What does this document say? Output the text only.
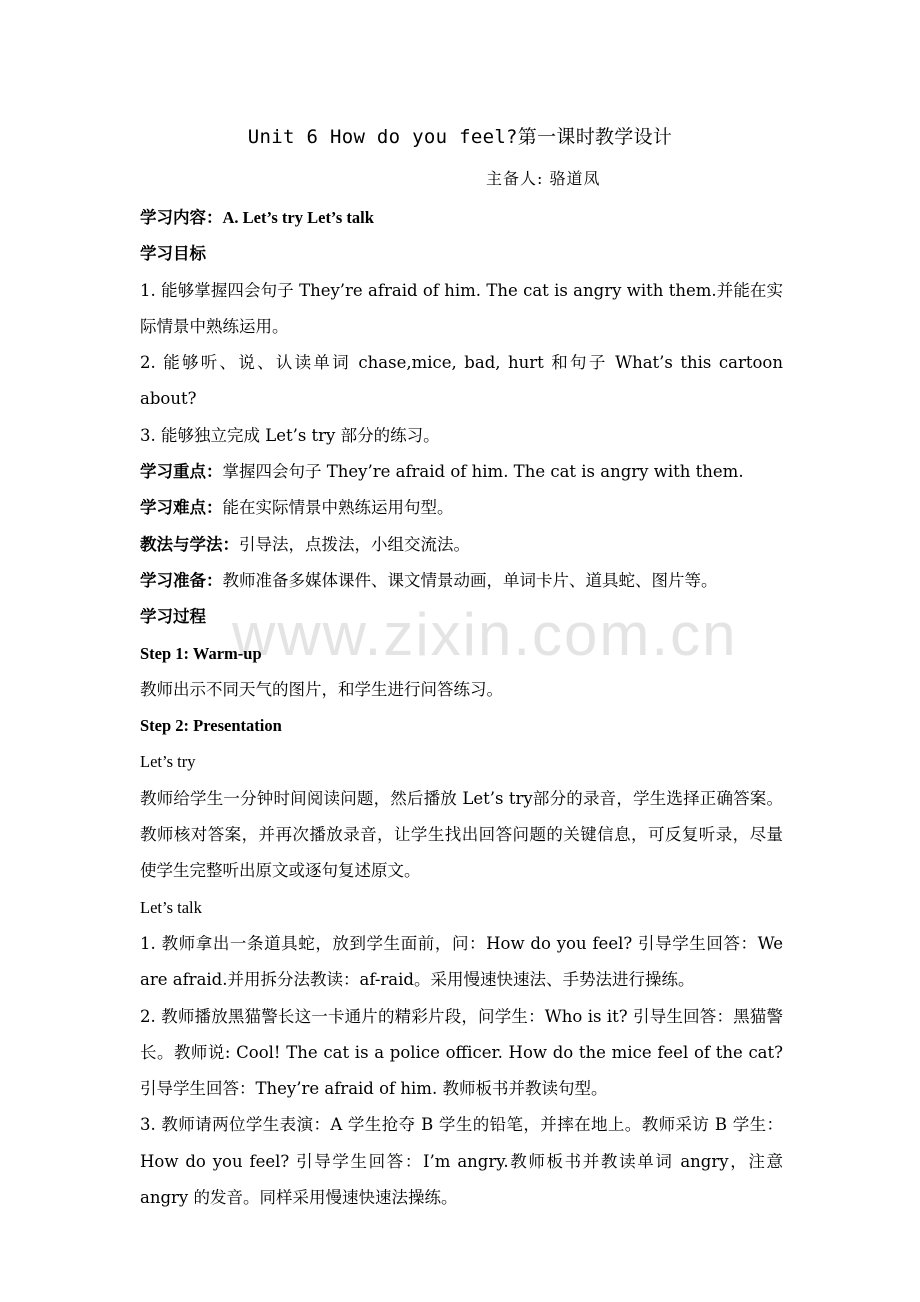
www.zixin.com.cn
Unit 6 How do you feel?第一课时教学设计
主备人: 骆道凤

学习内容：A. Let’s try Let’s talk

学习目标

1. 能够掌握四会句子 They’re afraid of him. The cat is angry with them.并能在实际情景中熟练运用。

2. 能够听、说、认读单词 chase,mice, bad, hurt 和句子 What’s this cartoon about?

3. 能够独立完成 Let’s try 部分的练习。

学习重点：掌握四会句子 They’re afraid of him. The cat is angry with them.

学习难点：能在实际情景中熟练运用句型。

教法与学法：引导法，点拨法，小组交流法。

学习准备：教师准备多媒体课件、课文情景动画，单词卡片、道具蛇、图片等。

学习过程

Step 1: Warm-up

教师出示不同天气的图片，和学生进行问答练习。

Step 2: Presentation

Let’s try

教师给学生一分钟时间阅读问题，然后播放 Let’s try部分的录音，学生选择正确答案。教师核对答案，并再次播放录音，让学生找出回答问题的关键信息，可反复听录，尽量使学生完整听出原文或逐句复述原文。

Let’s talk

1. 教师拿出一条道具蛇，放到学生面前，问：How do you feel? 引导学生回答：We are afraid.并用拆分法教读：af-raid。采用慢速快速法、手势法进行操练。

2. 教师播放黑猫警长这一卡通片的精彩片段，问学生：Who is it? 引导生回答：黑猫警长。教师说: Cool! The cat is a police officer. How do the mice feel of the cat? 引导学生回答：They’re afraid of him. 教师板书并教读句型。

3. 教师请两位学生表演：A 学生抢夺 B 学生的铅笔，并摔在地上。教师采访 B 学生：How do you feel? 引导学生回答：I’m angry.教师板书并教读单词 angry，注意 angry 的发音。同样采用慢速快速法操练。
